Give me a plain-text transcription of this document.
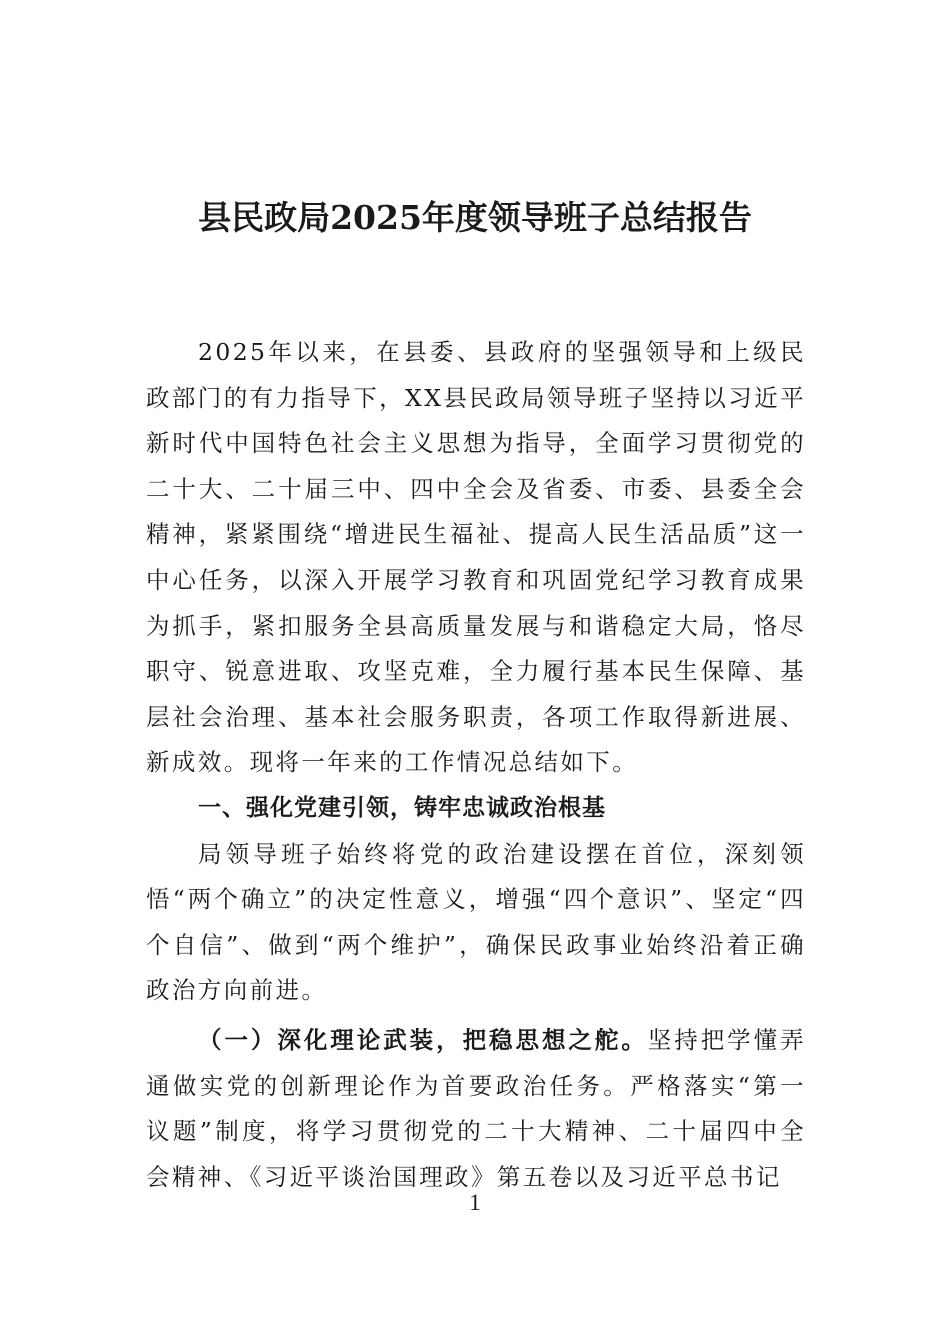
县民政局2025年度领导班子总结报告

2025年以来，在县委、县政府的坚强领导和上级民政部门的有力指导下，XX县民政局领导班子坚持以习近平新时代中国特色社会主义思想为指导，全面学习贯彻党的二十大、二十届三中、四中全会及省委、市委、县委全会精神，紧紧围绕“增进民生福祉、提高人民生活品质”这一中心任务，以深入开展学习教育和巩固党纪学习教育成果为抓手，紧扣服务全县高质量发展与和谐稳定大局，恪尽职守、锐意进取、攻坚克难，全力履行基本民生保障、基层社会治理、基本社会服务职责，各项工作取得新进展、新成效。现将一年来的工作情况总结如下。

一、强化党建引领，铸牢忠诚政治根基

局领导班子始终将党的政治建设摆在首位，深刻领悟“两个确立”的决定性意义，增强“四个意识”、坚定“四个自信”、做到“两个维护”，确保民政事业始终沿着正确政治方向前进。

（一）深化理论武装，把稳思想之舵。坚持把学懂弄通做实党的创新理论作为首要政治任务。严格落实“第一议题”制度，将学习贯彻党的二十大精神、二十届四中全会精神、《习近平谈治国理政》第五卷以及习近平总书记

1
